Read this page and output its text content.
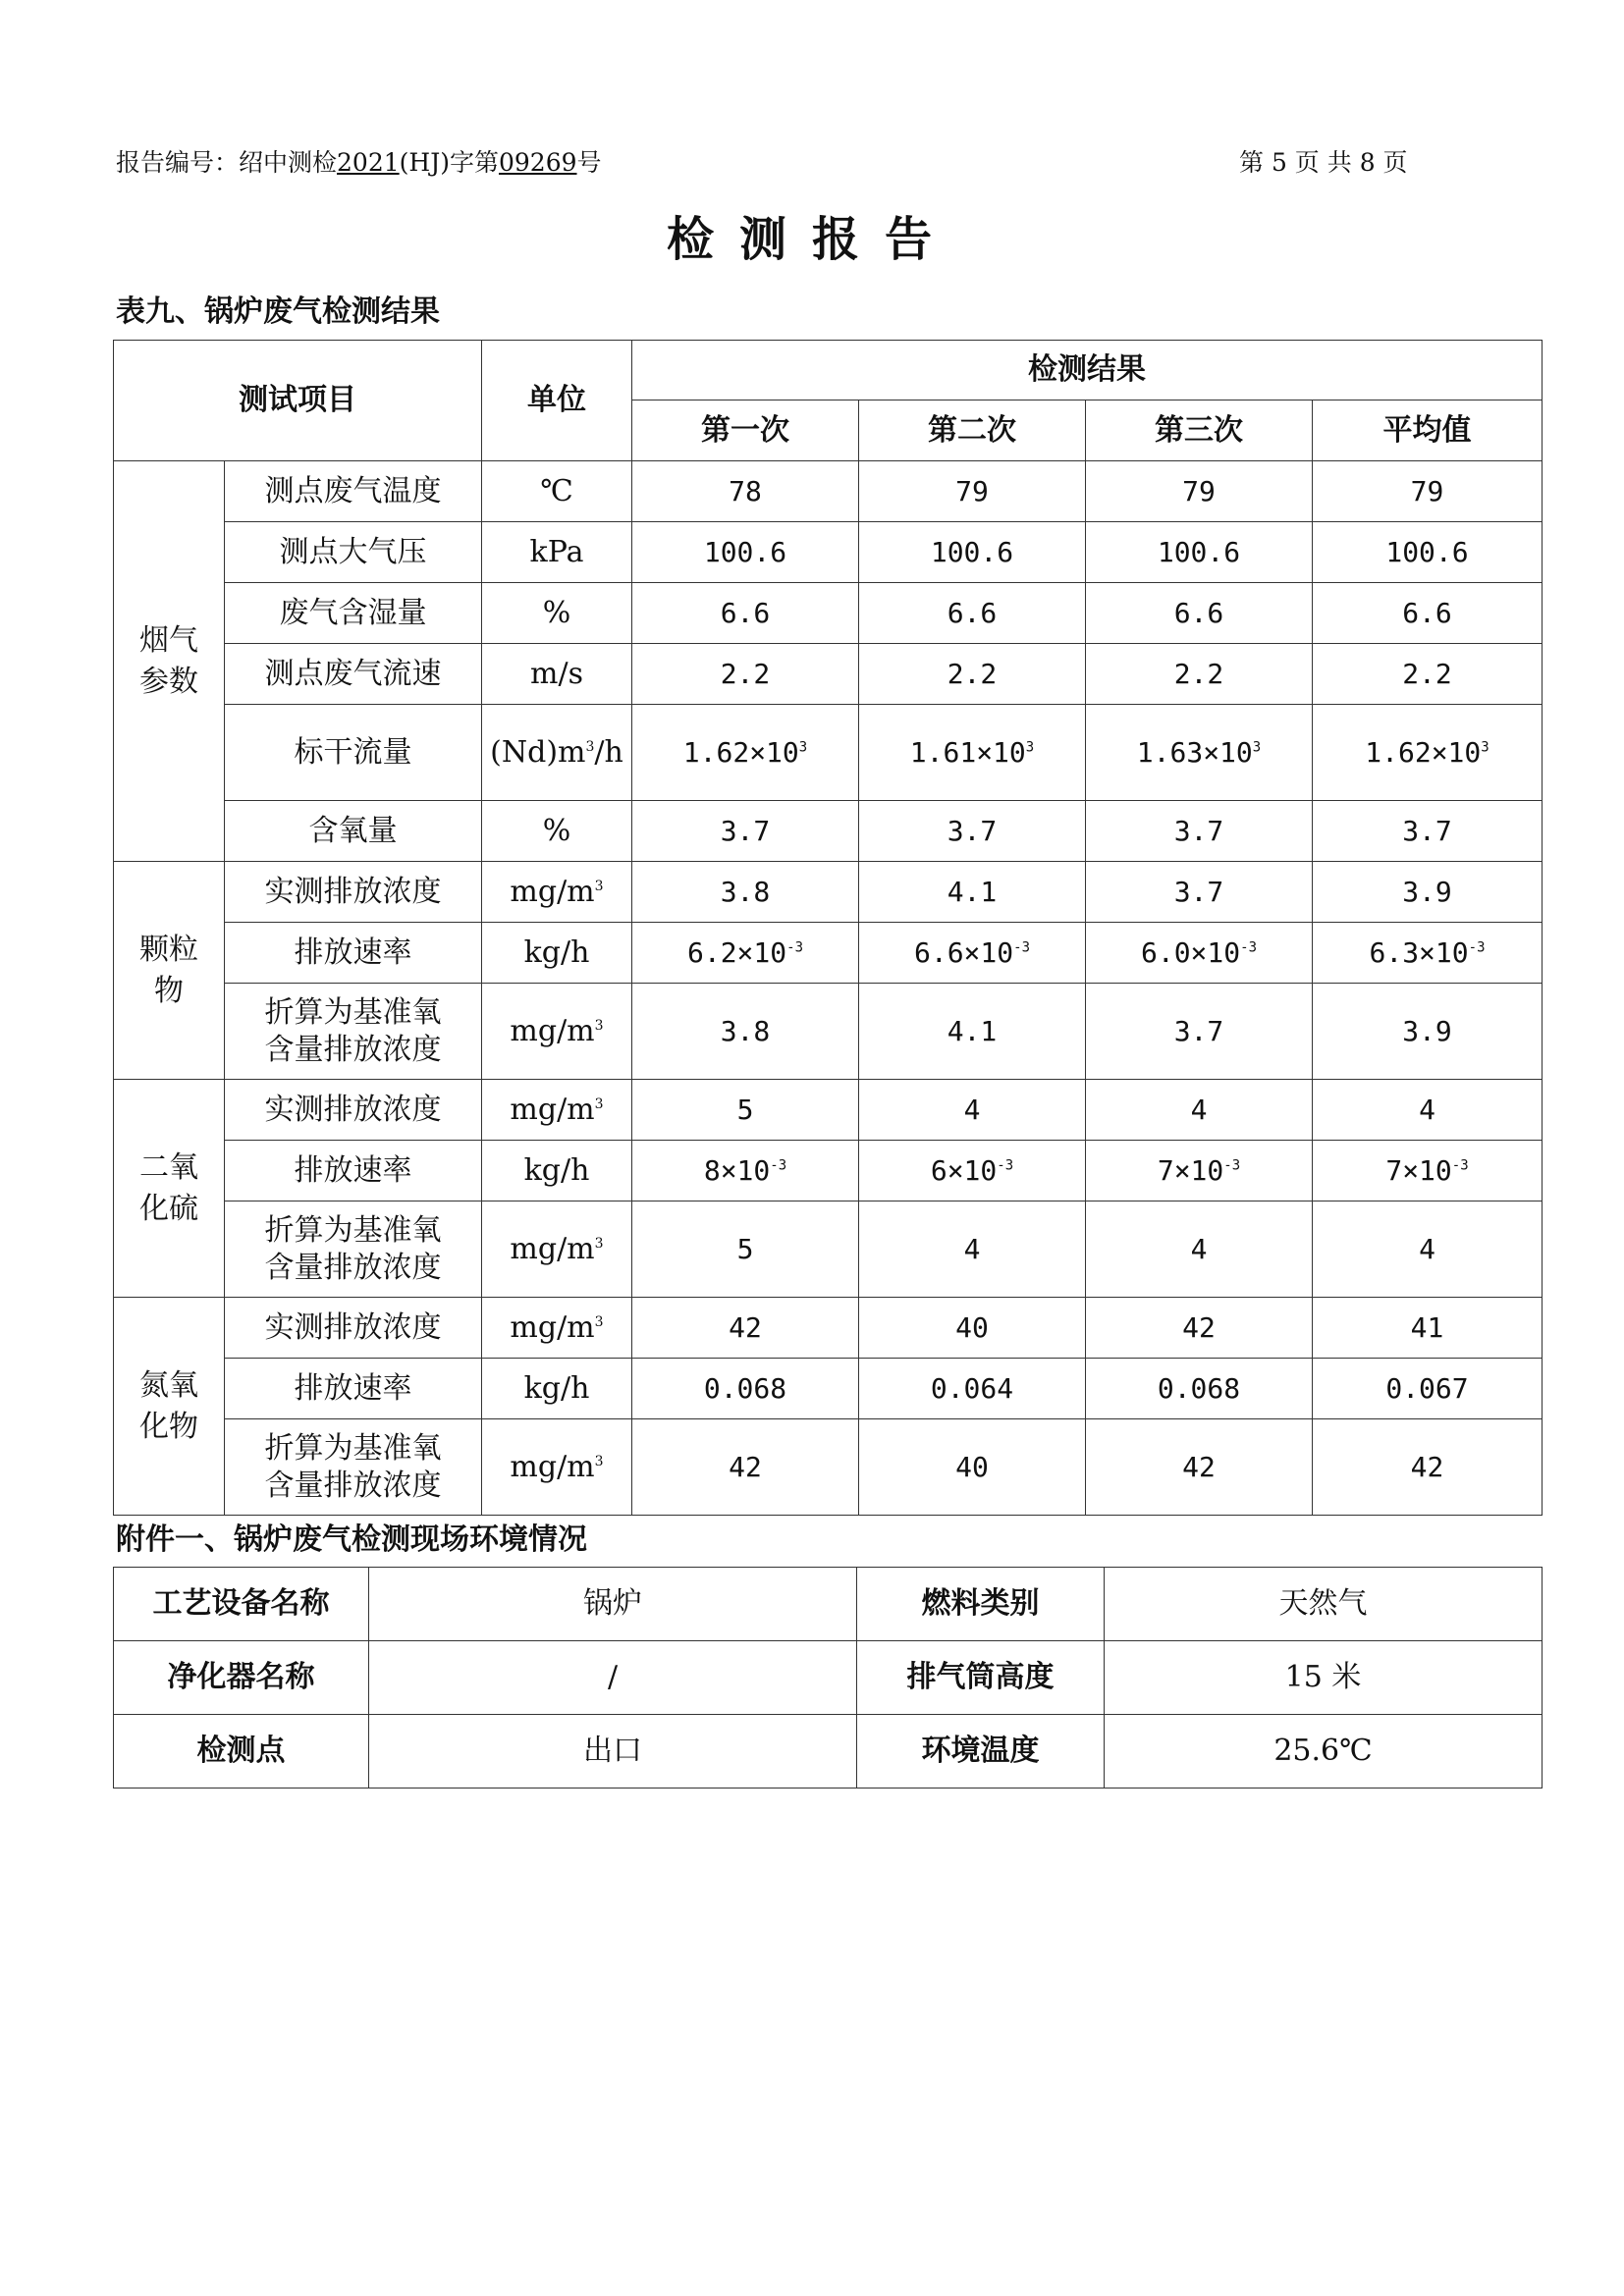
报告编号：绍中测检2021(HJ)字第09269号	第 5 页 共 8 页
检测报告
表九、锅炉废气检测结果
测试项目		单位	检测结果			
			第一次	第二次	第三次	平均值
烟气参数	测点废气温度	℃	78	79	79	79
	测点大气压	kPa	100.6	100.6	100.6	100.6
	废气含湿量	%	6.6	6.6	6.6	6.6
	测点废气流速	m/s	2.2	2.2	2.2	2.2
	标干流量	$(Nd)m^3/h$	$1.62\times 10^3$	$1.61\times 10^3$	$1.63\times 10^3$	$1.62\times 10^3$
	含氧量	%	3.7	3.7	3.7	3.7
颗粒物	实测排放浓度	$mg/m^3$	3.8	4.1	3.7	3.9
	排放速率	kg/h	$6.2\times 10^{-3}$	$6.6\times 10^{-3}$	$6.0\times 10^{-3}$	$6.3\times 10^{-3}$
	折算为基准氧含量排放浓度	$mg/m^3$	3.8	4.1	3.7	3.9
二氧化硫	实测排放浓度	$mg/m^3$	5	4	4	4
	排放速率	kg/h	$8\times 10^{-3}$	$6\times 10^{-3}$	$7\times 10^{-3}$	$7\times 10^{-3}$
	折算为基准氧含量排放浓度	$mg/m^3$	5	4	4	4
氮氧化物	实测排放浓度	$mg/m^3$	42	40	42	41
	排放速率	kg/h	0.068	0.064	0.068	0.067
	折算为基准氧含量排放浓度	$mg/m^3$	42	40	42	42
附件一、锅炉废气检测现场环境情况
工艺设备名称	锅炉	燃料类别	天然气
净化器名称	/	排气筒高度	15 米
检测点	出口	环境温度	25.6℃
